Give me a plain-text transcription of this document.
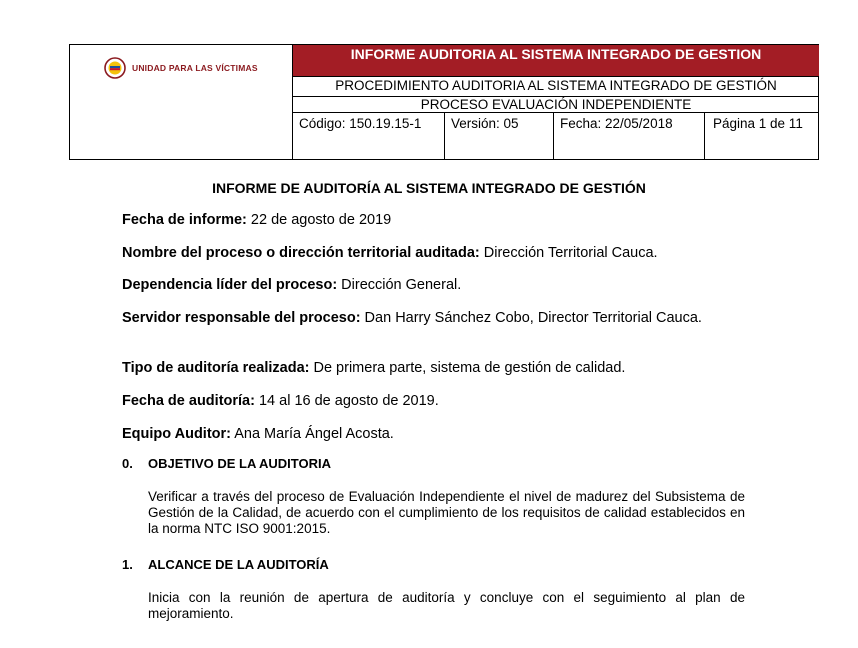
UNIDAD PARA LAS VÍCTIMAS
INFORME AUDITORIA AL SISTEMA INTEGRADO DE GESTION
PROCEDIMIENTO AUDITORIA AL SISTEMA INTEGRADO DE GESTIÓN
PROCESO EVALUACIÓN INDEPENDIENTE
Código: 150.19.15-1	Versión: 05	Fecha: 22/05/2018	Página 1 de 11
INFORME DE AUDITORÍA AL SISTEMA INTEGRADO DE GESTIÓN
Fecha de informe: 22 de agosto de 2019
Nombre del proceso o dirección territorial auditada: Dirección Territorial Cauca.
Dependencia líder del proceso: Dirección General.
Servidor responsable del proceso: Dan Harry Sánchez Cobo, Director Territorial Cauca.
Tipo de auditoría realizada: De primera parte, sistema de gestión de calidad.
Fecha de auditoría: 14 al 16 de agosto de 2019.
Equipo Auditor: Ana María Ángel Acosta.
0. OBJETIVO DE LA AUDITORIA
Verificar a través del proceso de Evaluación Independiente el nivel de madurez del Subsistema de Gestión de la Calidad, de acuerdo con el cumplimiento de los requisitos de calidad establecidos en la norma NTC ISO 9001:2015.
1. ALCANCE DE LA AUDITORÍA
Inicia con la reunión de apertura de auditoría y concluye con el seguimiento al plan de mejoramiento.
